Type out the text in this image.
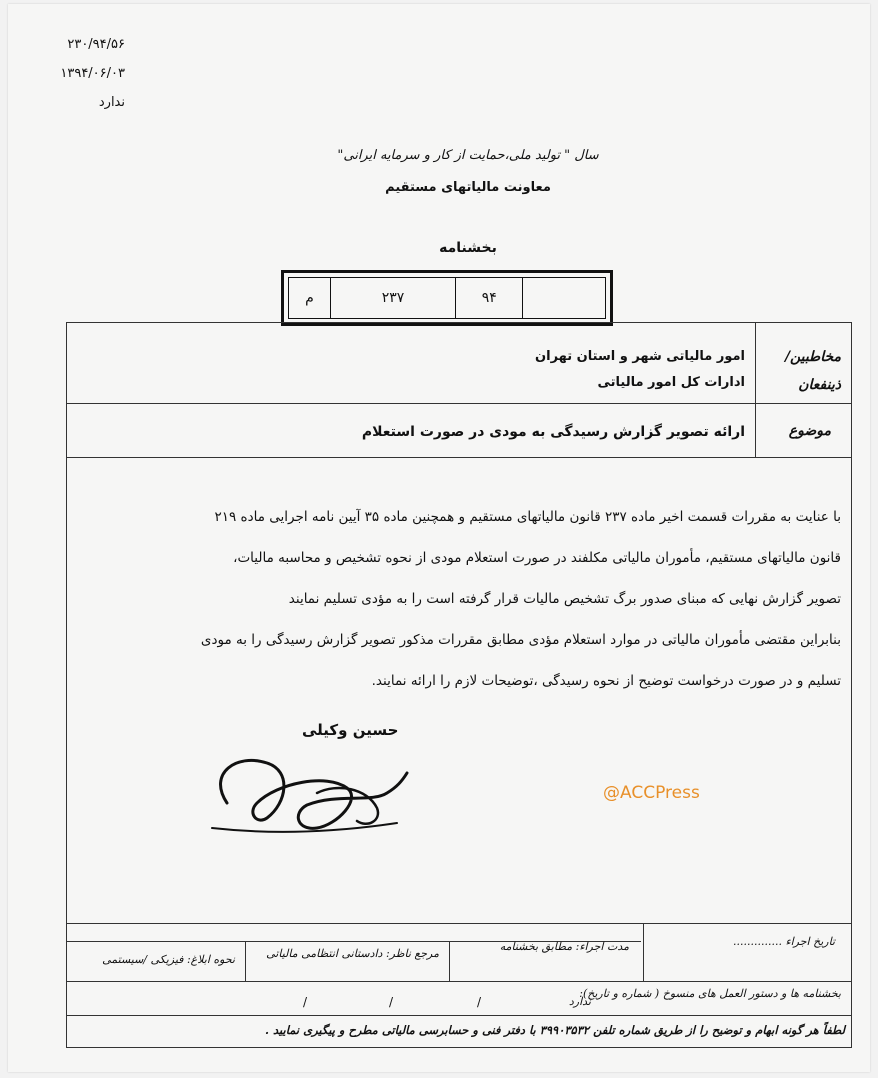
۲۳۰/۹۴/۵۶
۱۳۹۴/۰۶/۰۳
ندارد
سال " تولید ملی،حمایت از کار و سرمایه ایرانی"
معاونت مالیاتهای مستقیم
بخشنامه
۹۴
۲۳۷
م
مخاطبین/ ذینفعان
امور مالیاتی شهر و استان تهران
ادارات کل امور مالیاتی
موضوع
ارائه تصویر گزارش رسیدگی به مودی در صورت استعلام

با عنایت به مقررات قسمت اخیر ماده ۲۳۷ قانون مالیاتهای مستقیم و همچنین ماده ۳۵ آیین نامه اجرایی ماده ۲۱۹

قانون مالیاتهای مستقیم، مأموران مالیاتی مکلفند در صورت استعلام مودی از نحوه تشخیص و محاسبه مالیات،

تصویر گزارش نهایی که مبنای صدور برگ تشخیص مالیات قرار گرفته است را به مؤدی تسلیم نمایند

بنابراین مقتضی مأموران مالیاتی در موارد استعلام مؤدی مطابق مقررات مذکور تصویر گزارش رسیدگی را به مودی

تسلیم و در صورت درخواست توضیح از نحوه رسیدگی ،توضیحات لازم را ارائه نمایند.

حسین وکیلی
@ACCPress
تاریخ اجراء ..............
مدت اجراء: مطابق بخشنامه
مرجع ناظر: دادستانی انتظامی مالیاتی
نحوه ابلاغ: فیزیکی /سیستمی
بخشنامه ها و دستور العمل های منسوخ ( شماره و تاریخ):
ندارد
/
/
/
لطفاً هر گونه ابهام و توضیح را از طریق شماره تلفن ۳۹۹۰۳۵۳۲ با دفتر فنی و حسابرسی مالیاتی مطرح و پیگیری نمایید .
